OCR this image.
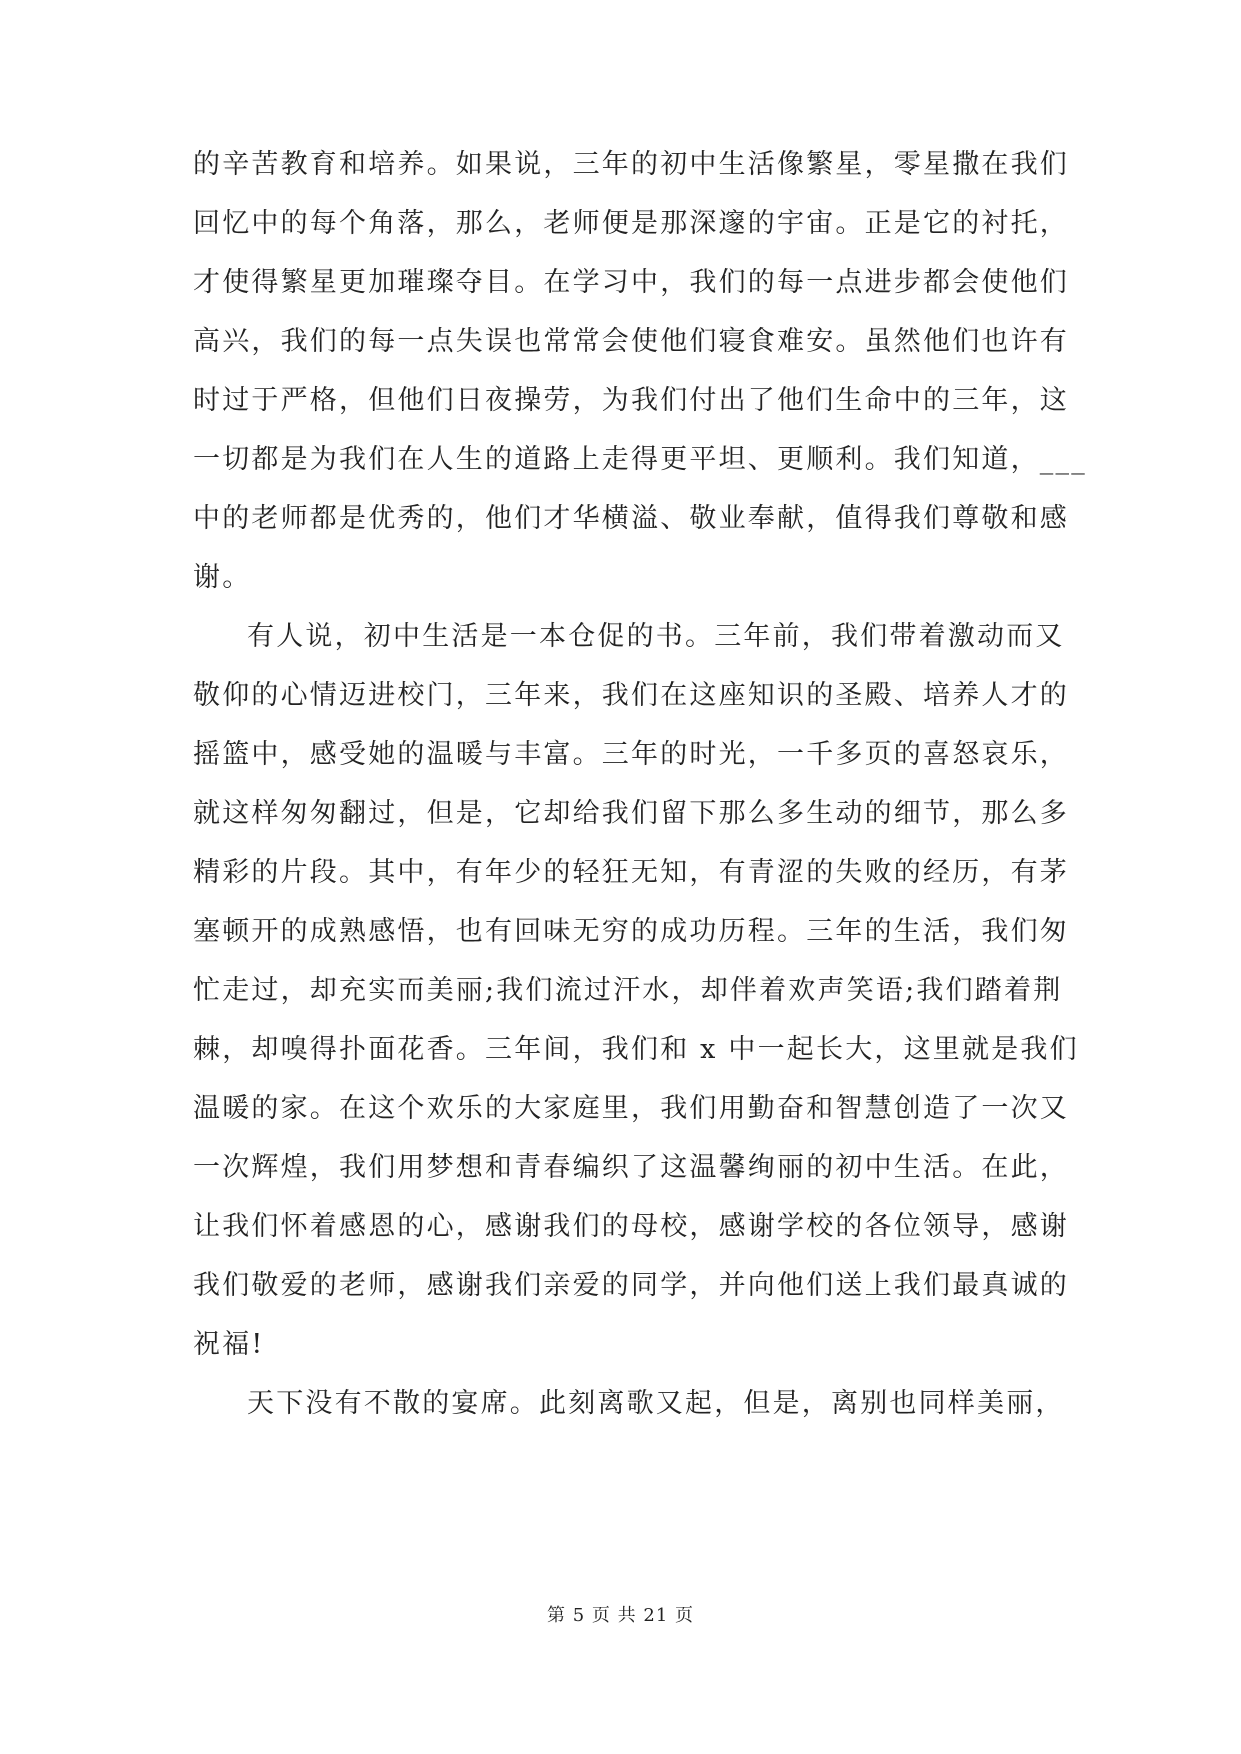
的辛苦教育和培养。如果说，三年的初中生活像繁星，零星撒在我们
回忆中的每个角落，那么，老师便是那深邃的宇宙。正是它的衬托，
才使得繁星更加璀璨夺目。在学习中，我们的每一点进步都会使他们
高兴，我们的每一点失误也常常会使他们寝食难安。虽然他们也许有
时过于严格，但他们日夜操劳，为我们付出了他们生命中的三年，这
一切都是为我们在人生的道路上走得更平坦、更顺利。我们知道，___
中的老师都是优秀的，他们才华横溢、敬业奉献，值得我们尊敬和感
谢。
有人说，初中生活是一本仓促的书。三年前，我们带着激动而又
敬仰的心情迈进校门，三年来，我们在这座知识的圣殿、培养人才的
摇篮中，感受她的温暖与丰富。三年的时光，一千多页的喜怒哀乐，
就这样匆匆翻过，但是，它却给我们留下那么多生动的细节，那么多
精彩的片段。其中，有年少的轻狂无知，有青涩的失败的经历，有茅
塞顿开的成熟感悟，也有回味无穷的成功历程。三年的生活，我们匆
忙走过，却充实而美丽;我们流过汗水，却伴着欢声笑语;我们踏着荆
棘，却嗅得扑面花香。三年间，我们和 x 中一起长大，这里就是我们
温暖的家。在这个欢乐的大家庭里，我们用勤奋和智慧创造了一次又
一次辉煌，我们用梦想和青春编织了这温馨绚丽的初中生活。在此，
让我们怀着感恩的心，感谢我们的母校，感谢学校的各位领导，感谢
我们敬爱的老师，感谢我们亲爱的同学，并向他们送上我们最真诚的
祝福!
天下没有不散的宴席。此刻离歌又起，但是，离别也同样美丽，
第 5 页 共 21 页
